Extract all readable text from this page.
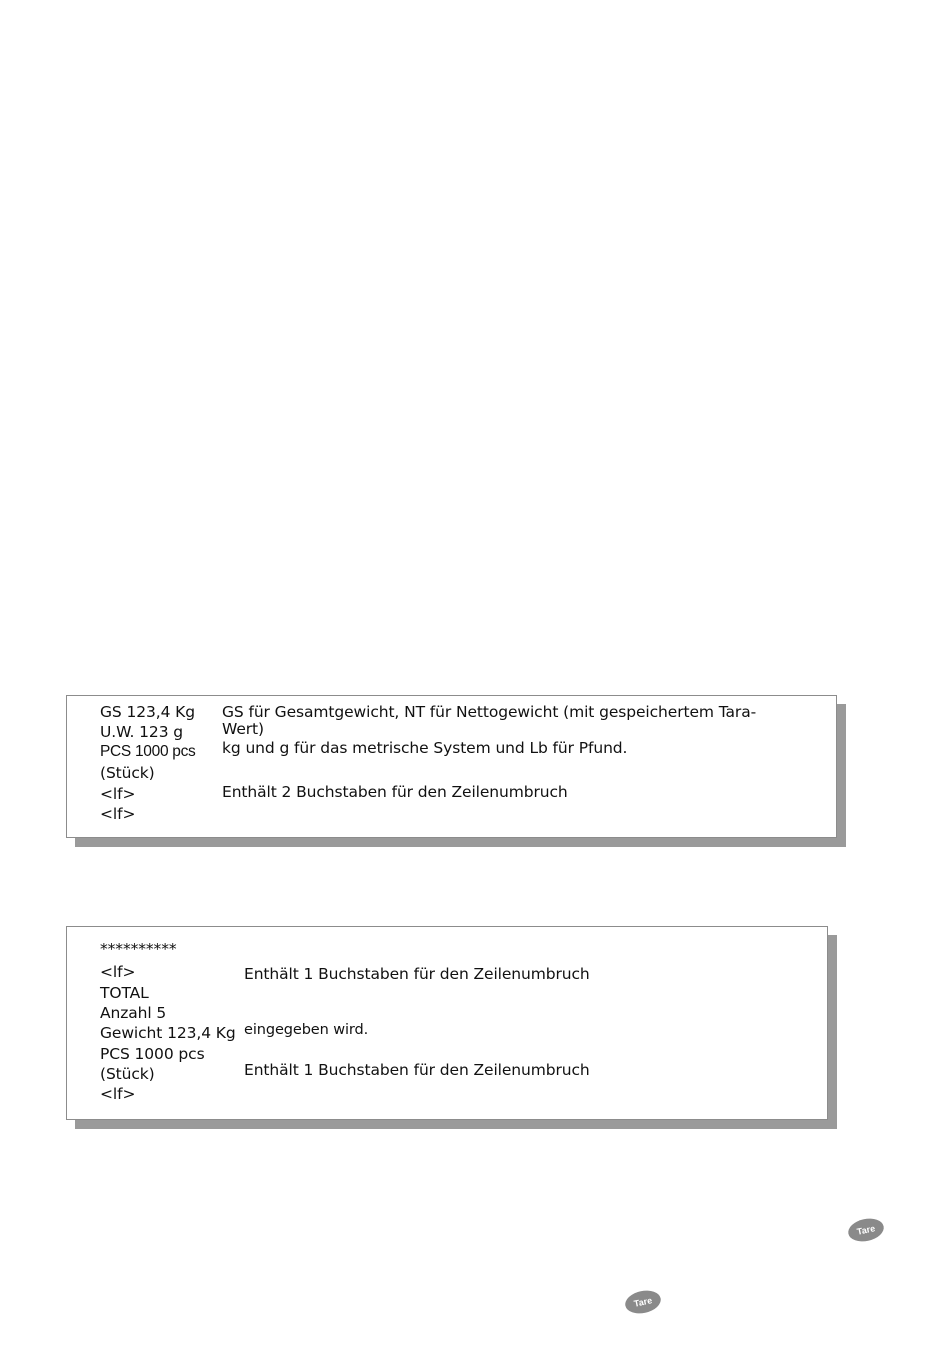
GS 123,4 Kg
U.W. 123 g
PCS 1000 pcs
(Stück)
<lf>
<lf>
GS für Gesamtgewicht, NT für Nettogewicht (mit gespeichertem Tara-
Wert)
kg und g für das metrische System und Lb für Pfund.
Enthält 2 Buchstaben für den Zeilenumbruch
**********
<lf>
TOTAL
Anzahl 5
Gewicht 123,4 Kg
PCS 1000 pcs
(Stück)
<lf>
Enthält 1 Buchstaben für den Zeilenumbruch
eingegeben wird.
Enthält 1 Buchstaben für den Zeilenumbruch
Tare
Tare
